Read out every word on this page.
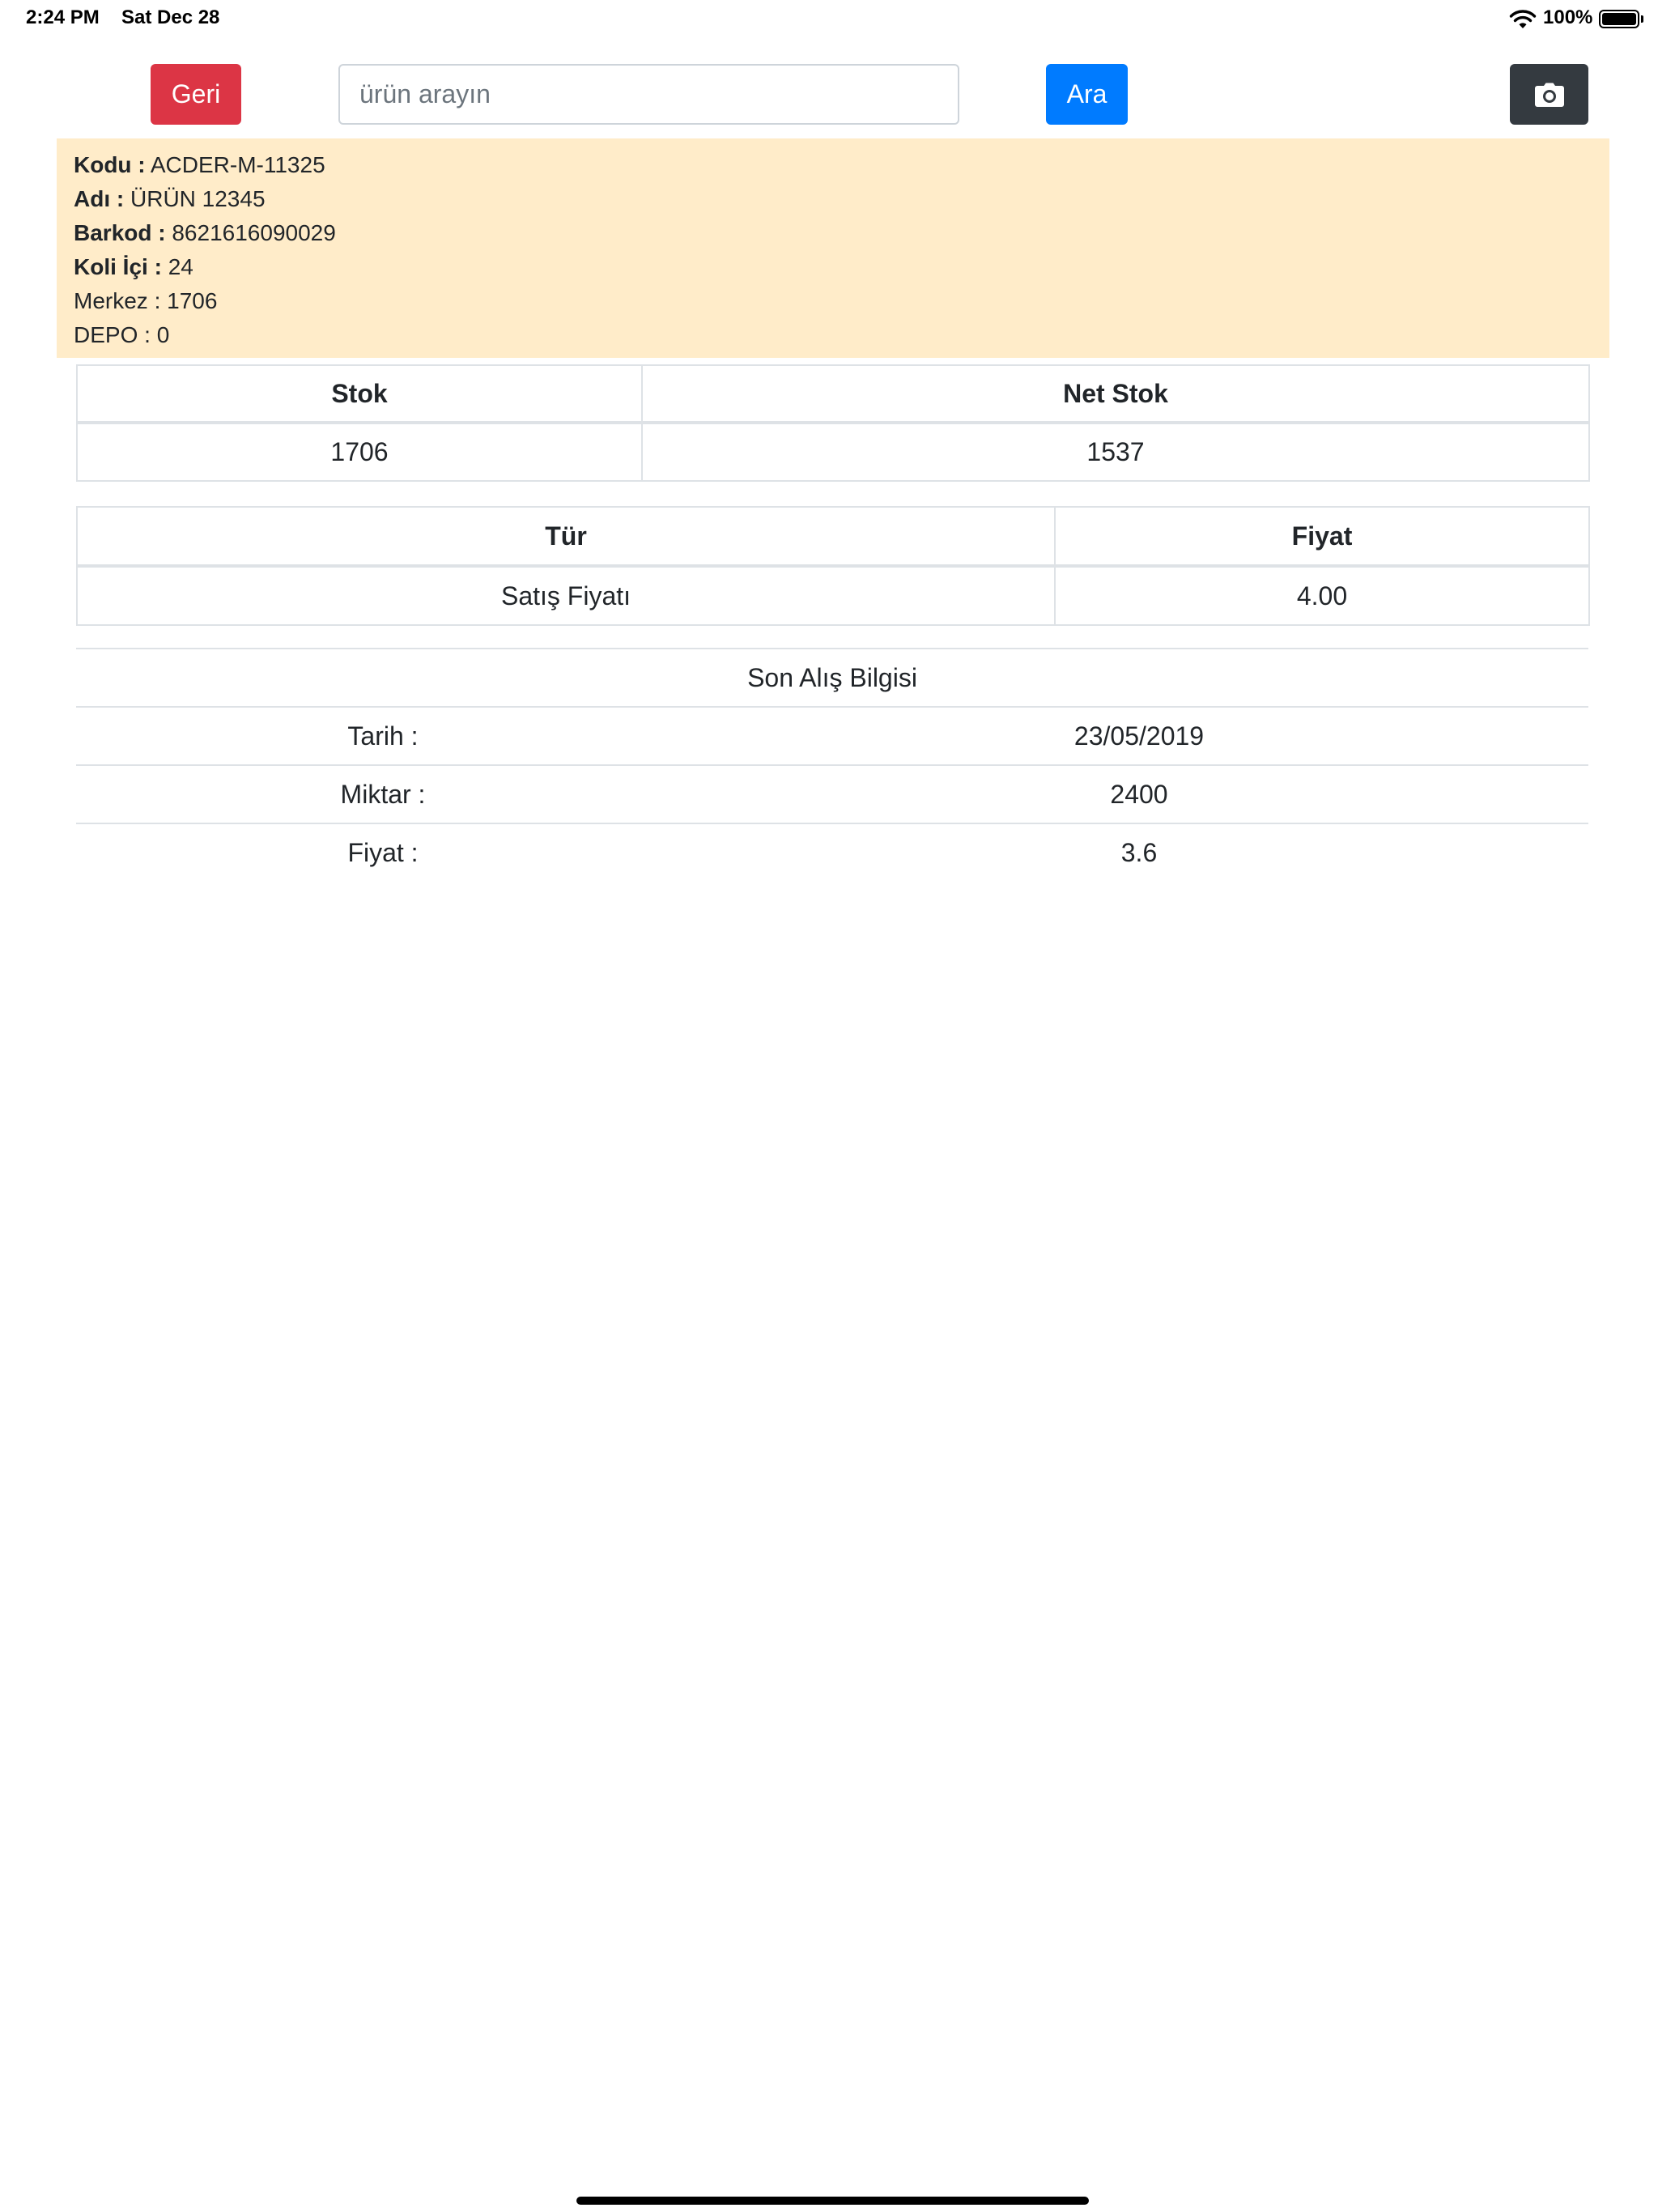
2:24 PM Sat Dec 28	100%
Geri
ürün arayın	Ara
Kodu : ACDER-M-11325
Adı : ÜRÜN 12345
Barkod : 8621616090029
Koli İçi : 24
Merkez : 1706
DEPO : 0
Stok	Net Stok
1706	1537
Tür	Fiyat
Satış Fiyatı	4.00
Son Alış Bilgisi	
Tarih :	23/05/2019
Miktar :	2400
Fiyat :	3.6
